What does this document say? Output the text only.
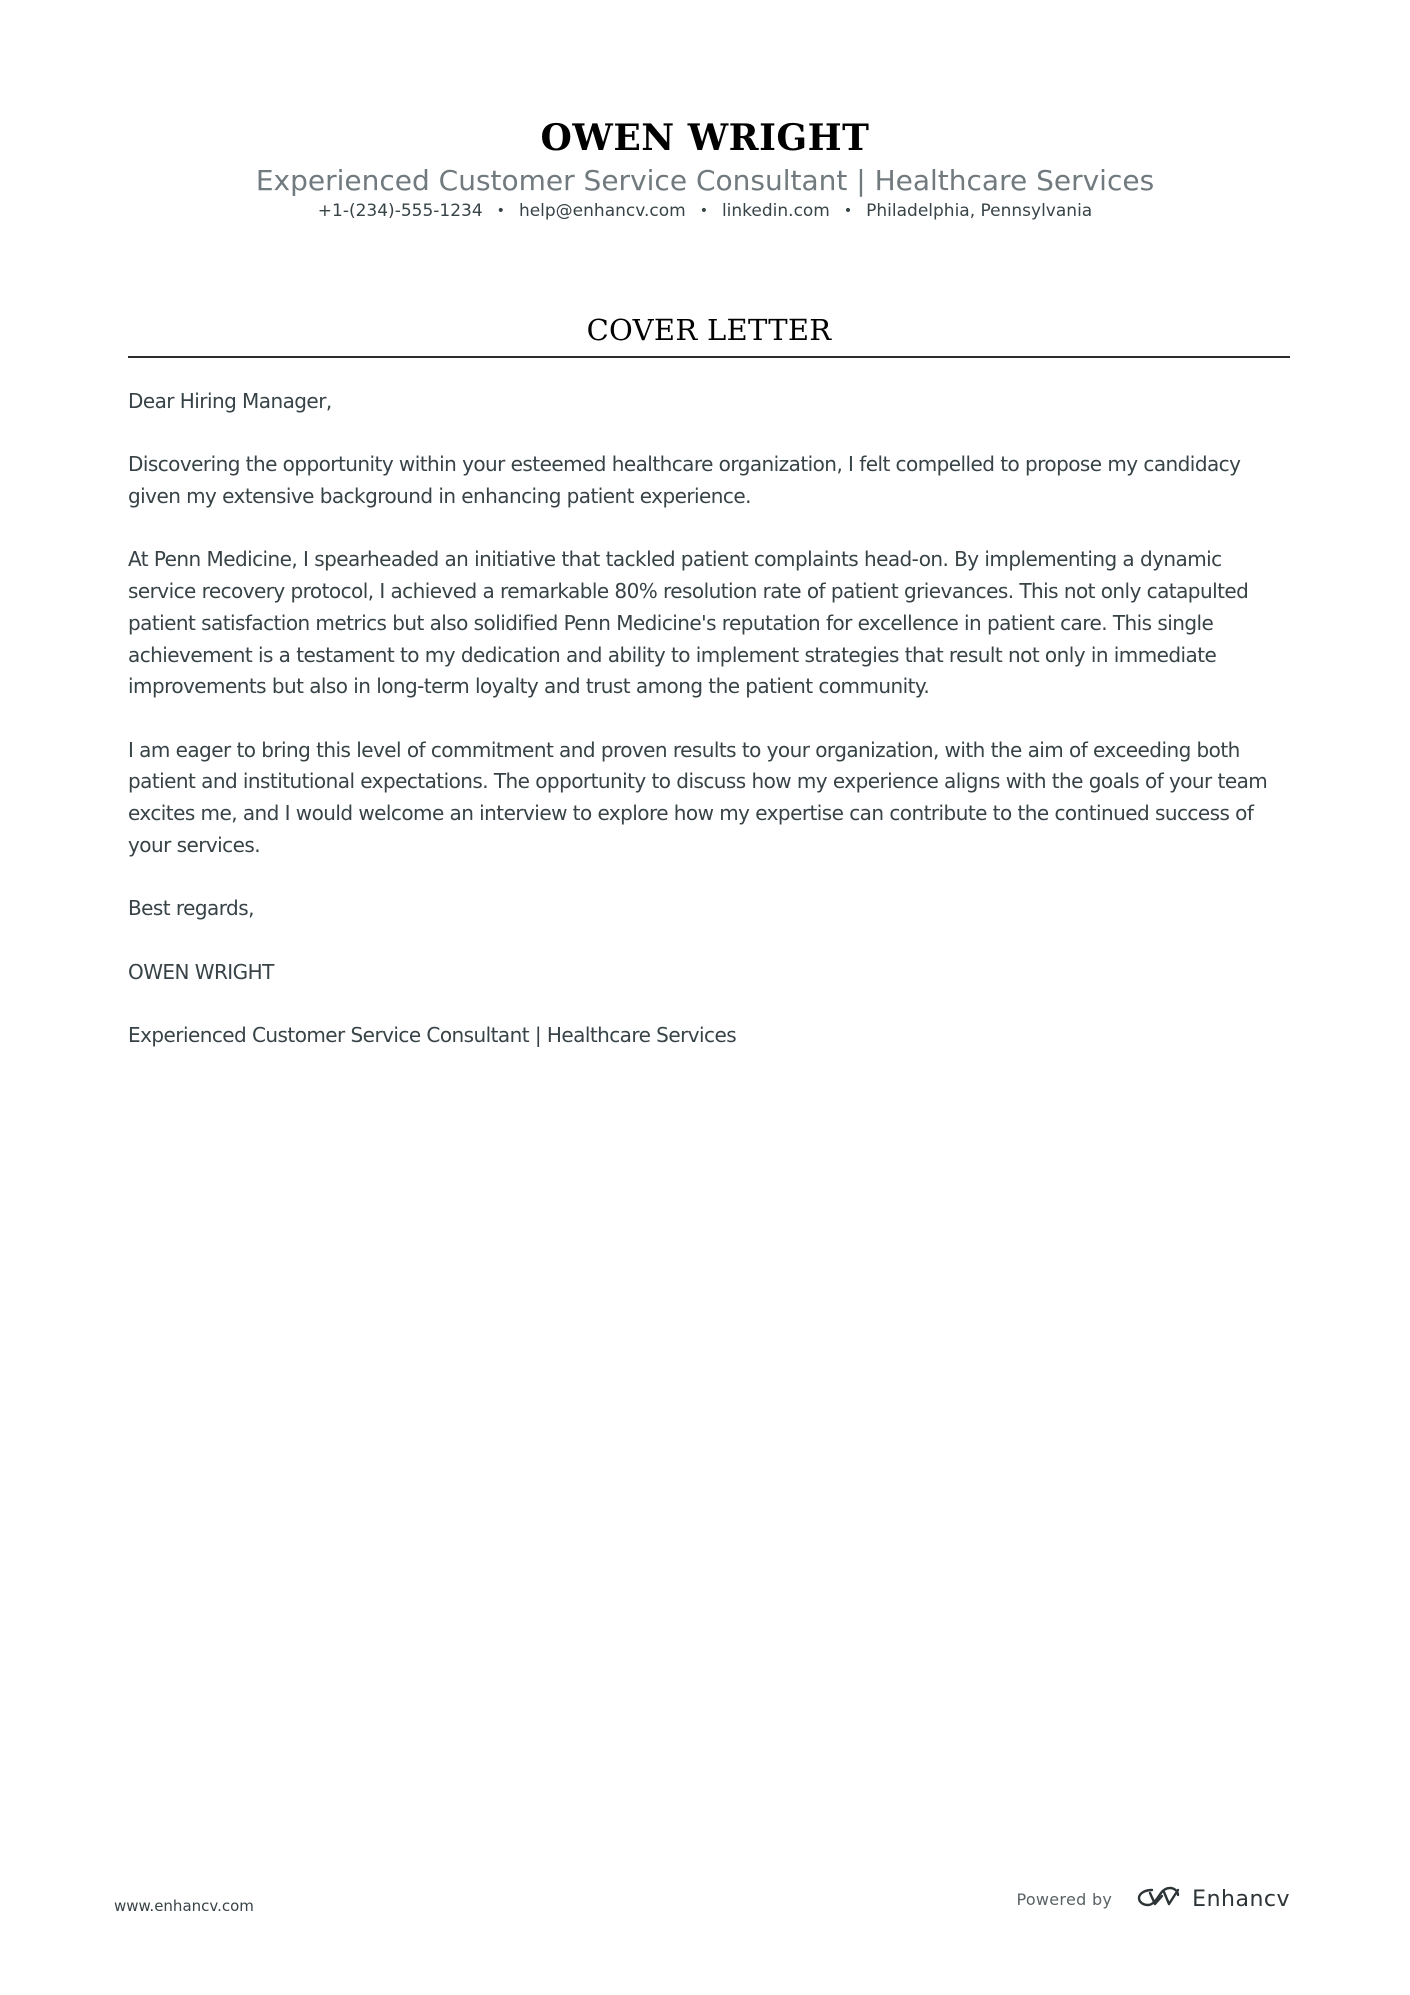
OWEN WRIGHT
Experienced Customer Service Consultant | Healthcare Services
+1-(234)-555-1234 • help@enhancv.com • linkedin.com • Philadelphia, Pennsylvania
COVER LETTER

Dear Hiring Manager,

Discovering the opportunity within your esteemed healthcare organization, I felt compelled to propose my candidacy given my extensive background in enhancing patient experience.

At Penn Medicine, I spearheaded an initiative that tackled patient complaints head-on. By implementing a dynamic service recovery protocol, I achieved a remarkable 80% resolution rate of patient grievances. This not only catapulted patient satisfaction metrics but also solidified Penn Medicine's reputation for excellence in patient care. This single achievement is a testament to my dedication and ability to implement strategies that result not only in immediate improvements but also in long-term loyalty and trust among the patient community.

I am eager to bring this level of commitment and proven results to your organization, with the aim of exceeding both patient and institutional expectations. The opportunity to discuss how my experience aligns with the goals of your team excites me, and I would welcome an interview to explore how my expertise can contribute to the continued success of your services.

Best regards,

OWEN WRIGHT

Experienced Customer Service Consultant | Healthcare Services

www.enhancv.com	Powered by	Enhancv
